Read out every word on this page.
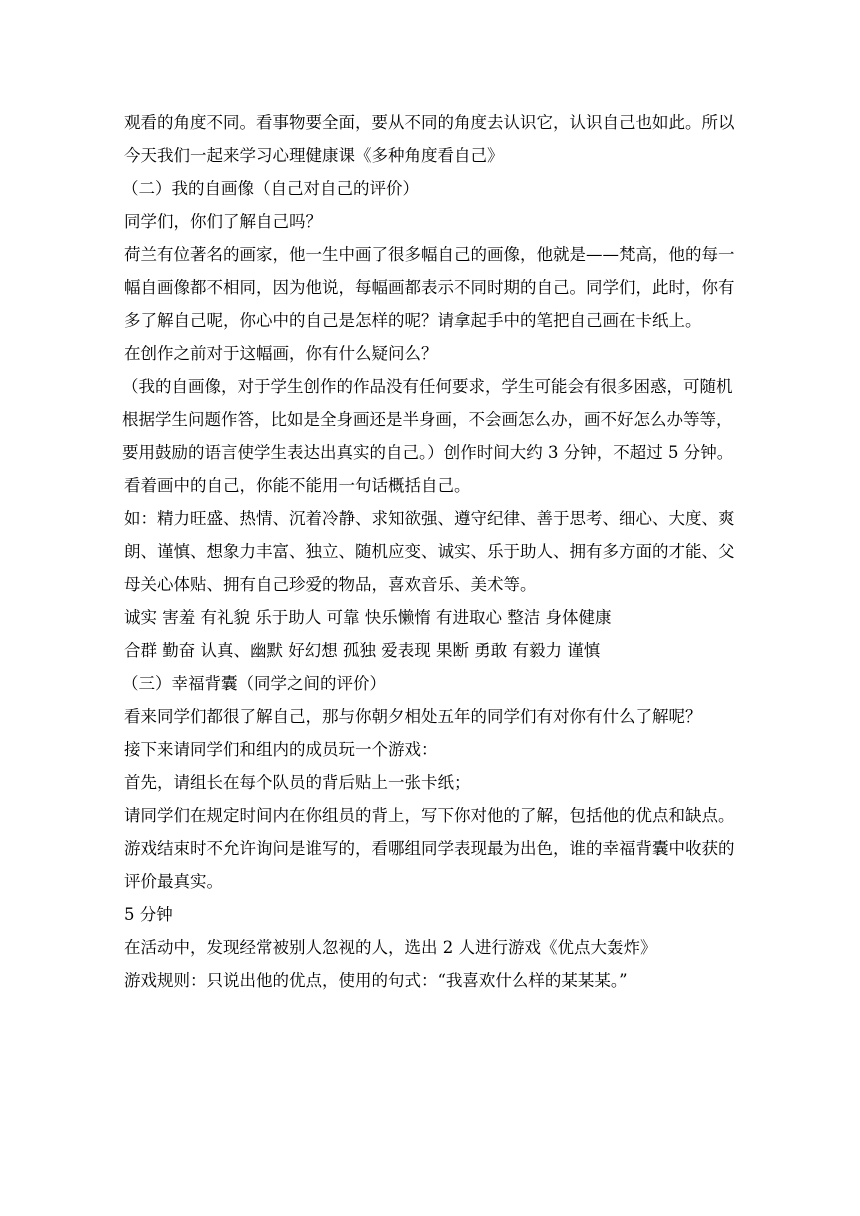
观看的角度不同。看事物要全面，要从不同的角度去认识它，认识自己也如此。所以今天我们一起来学习心理健康课《多种角度看自己》

（二）我的自画像（自己对自己的评价）

同学们，你们了解自己吗？

荷兰有位著名的画家，他一生中画了很多幅自己的画像，他就是——梵高，他的每一幅自画像都不相同，因为他说，每幅画都表示不同时期的自己。同学们，此时，你有多了解自己呢，你心中的自己是怎样的呢？请拿起手中的笔把自己画在卡纸上。

在创作之前对于这幅画，你有什么疑问么？

（我的自画像，对于学生创作的作品没有任何要求，学生可能会有很多困惑，可随机根据学生问题作答，比如是全身画还是半身画，不会画怎么办，画不好怎么办等等，要用鼓励的语言使学生表达出真实的自己。）创作时间大约 3 分钟，不超过 5 分钟。

看着画中的自己，你能不能用一句话概括自己。

如：精力旺盛、热情、沉着冷静、求知欲强、遵守纪律、善于思考、细心、大度、爽朗、谨慎、想象力丰富、独立、随机应变、诚实、乐于助人、拥有多方面的才能、父母关心体贴、拥有自己珍爱的物品，喜欢音乐、美术等。

诚实 害羞 有礼貌 乐于助人 可靠 快乐懒惰 有进取心 整洁 身体健康

合群 勤奋 认真、幽默 好幻想 孤独 爱表现 果断 勇敢 有毅力 谨慎

（三）幸福背囊（同学之间的评价）

看来同学们都很了解自己，那与你朝夕相处五年的同学们有对你有什么了解呢？

接下来请同学们和组内的成员玩一个游戏：

首先，请组长在每个队员的背后贴上一张卡纸；

请同学们在规定时间内在你组员的背上，写下你对他的了解，包括他的优点和缺点。游戏结束时不允许询问是谁写的，看哪组同学表现最为出色，谁的幸福背囊中收获的评价最真实。

5 分钟

在活动中，发现经常被别人忽视的人，选出 2 人进行游戏《优点大轰炸》

游戏规则：只说出他的优点，使用的句式：“我喜欢什么样的某某某。”
